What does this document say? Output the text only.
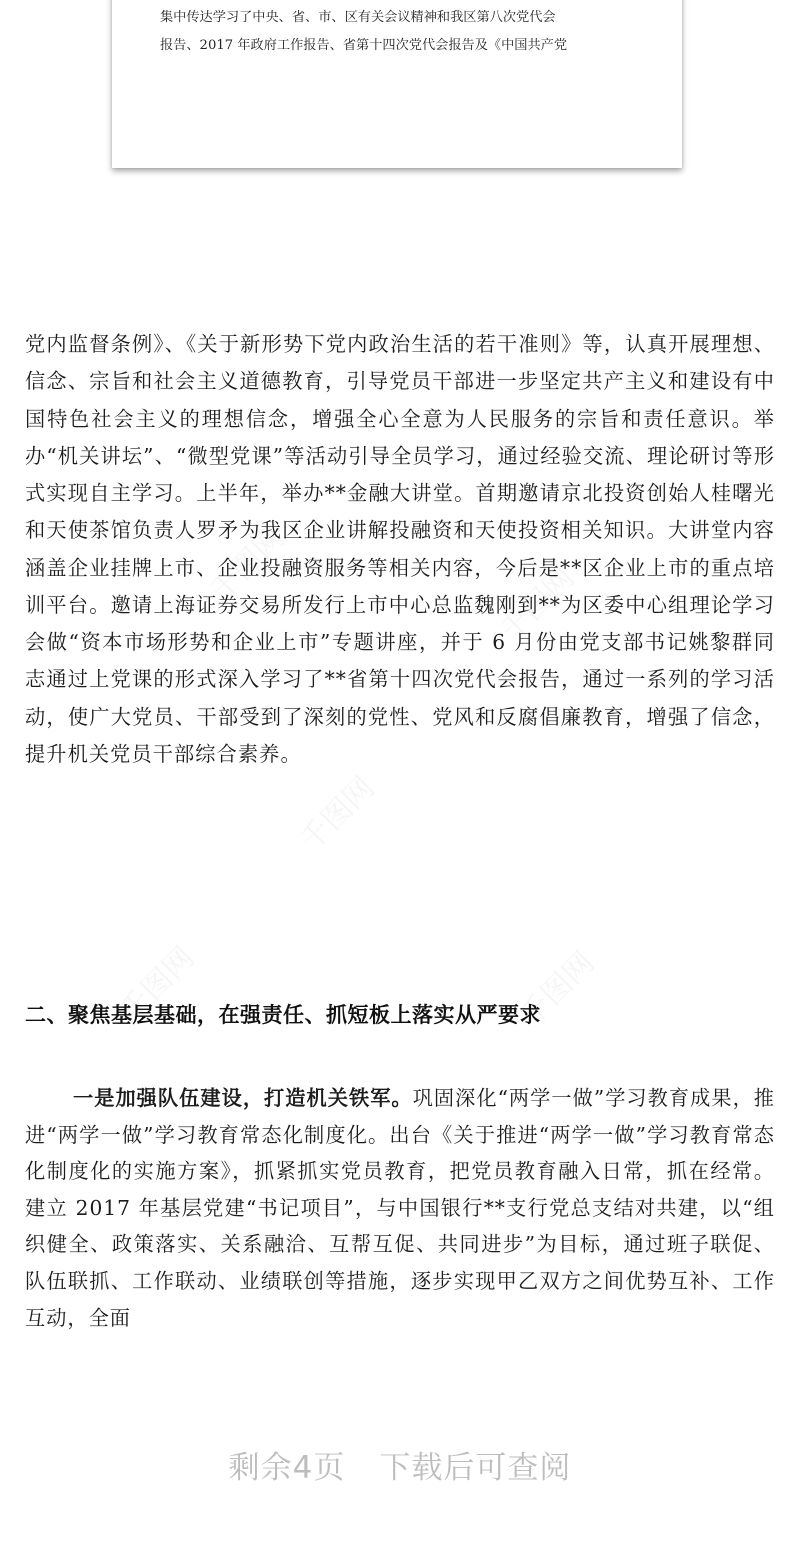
集中传达学习了中央、省、市、区有关会议精神和我区第八次党代会
报告、2017 年政府工作报告、省第十四次党代会报告及《中国共产党
千图网	千图网
千图网
千图网	千图网
党内监督条例》、《关于新形势下党内政治生活的若干准则》等，认真开展理想、信念、宗旨和社会主义道德教育，引导党员干部进一步坚定共产主义和建设有中国特色社会主义的理想信念，增强全心全意为人民服务的宗旨和责任意识。举办“机关讲坛”、“微型党课”等活动引导全员学习，通过经验交流、理论研讨等形式实现自主学习。上半年，举办**金融大讲堂。首期邀请京北投资创始人桂曙光和天使茶馆负责人罗矛为我区企业讲解投融资和天使投资相关知识。大讲堂内容涵盖企业挂牌上市、企业投融资服务等相关内容，今后是**区企业上市的重点培训平台。邀请上海证券交易所发行上市中心总监魏刚到**为区委中心组理论学习会做“资本市场形势和企业上市”专题讲座，并于 6 月份由党支部书记姚黎群同志通过上党课的形式深入学习了**省第十四次党代会报告，通过一系列的学习活动，使广大党员、干部受到了深刻的党性、党风和反腐倡廉教育，增强了信念，提升机关党员干部综合素养。
二、聚焦基层基础，在强责任、抓短板上落实从严要求
一是加强队伍建设，打造机关铁军。巩固深化“两学一做”学习教育成果，推进“两学一做”学习教育常态化制度化。出台《关于推进“两学一做”学习教育常态化制度化的实施方案》，抓紧抓实党员教育，把党员教育融入日常，抓在经常。建立 2017 年基层党建“书记项目”，与中国银行**支行党总支结对共建，以“组织健全、政策落实、关系融洽、互帮互促、共同进步”为目标，通过班子联促、队伍联抓、工作联动、业绩联创等措施，逐步实现甲乙双方之间优势互补、工作互动，全面
剩余4页 下载后可查阅
